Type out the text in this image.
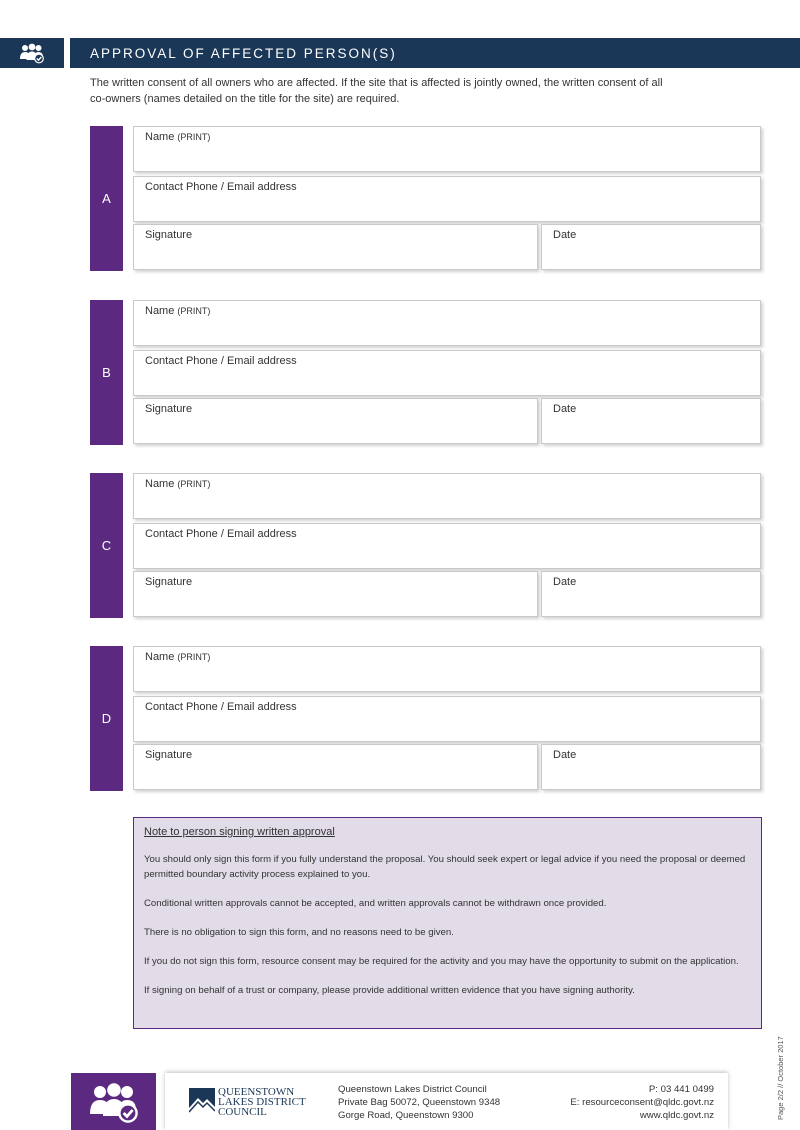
APPROVAL OF AFFECTED PERSON(S)
The written consent of all owners who are affected. If the site that is affected is jointly owned, the written consent of all
co-owners (names detailed on the title for the site) are required.
A
Name (PRINT)
Contact Phone / Email address
Signature	Date
B
Name (PRINT)
Contact Phone / Email address
Signature	Date
C
Name (PRINT)
Contact Phone / Email address
Signature	Date
D
Name (PRINT)
Contact Phone / Email address
Signature	Date
Note to person signing written approval

You should only sign this form if you fully understand the proposal. You should seek expert or legal advice if you need the proposal or deemed permitted boundary activity process explained to you.

Conditional written approvals cannot be accepted, and written approvals cannot be withdrawn once provided.

There is no obligation to sign this form, and no reasons need to be given.

If you do not sign this form, resource consent may be required for the activity and you may have the opportunity to submit on the application.

If signing on behalf of a trust or company, please provide additional written evidence that you have signing authority.

QUEENSTOWN
LAKES DISTRICT
COUNCIL
Queenstown Lakes District Council
Private Bag 50072, Queenstown 9348
Gorge Road, Queenstown 9300
P: 03 441 0499
E: resourceconsent@qldc.govt.nz
www.qldc.govt.nz	Page 2/2 // October 2017
